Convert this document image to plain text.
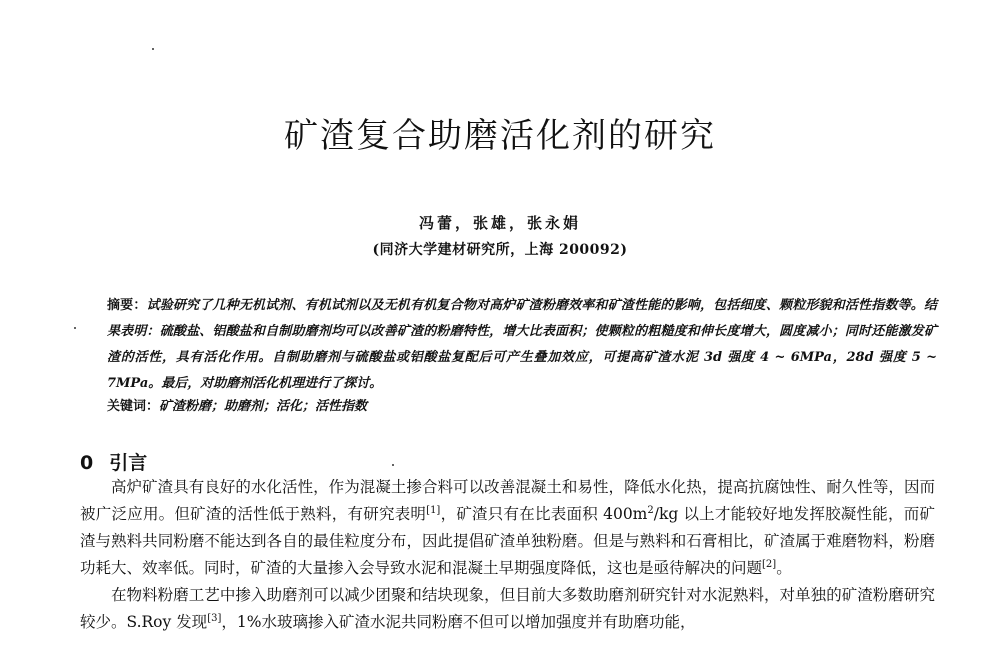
矿渣复合助磨活化剂的研究
冯蕾，张雄，张永娟
(同济大学建材研究所，上海 200092)

摘要：试验研究了几种无机试剂、有机试剂以及无机有机复合物对高炉矿渣粉磨效率和矿渣性能的影响，包括细度、颗粒形貌和活性指数等。结果表明：硫酸盐、铝酸盐和自制助磨剂均可以改善矿渣的粉磨特性，增大比表面积；使颗粒的粗糙度和伸长度增大，圆度减小；同时还能激发矿渣的活性，具有活化作用。自制助磨剂与硫酸盐或铝酸盐复配后可产生叠加效应，可提高矿渣水泥 3d 强度 4 ~ 6MPa，28d 强度 5 ~ 7MPa。最后，对助磨剂活化机理进行了探讨。

关键词：矿渣粉磨；助磨剂；活化；活性指数

0 引言

高炉矿渣具有良好的水化活性，作为混凝土掺合料可以改善混凝土和易性，降低水化热，提高抗腐蚀性、耐久性等，因而被广泛应用。但矿渣的活性低于熟料，有研究表明[1]，矿渣只有在比表面积 $400m^2/kg$ 以上才能较好地发挥胶凝性能，而矿渣与熟料共同粉磨不能达到各自的最佳粒度分布，因此提倡矿渣单独粉磨。但是与熟料和石膏相比，矿渣属于难磨物料，粉磨功耗大、效率低。同时，矿渣的大量掺入会导致水泥和混凝土早期强度降低，这也是亟待解决的问题[2]。

在物料粉磨工艺中掺入助磨剂可以减少团聚和结块现象，但目前大多数助磨剂研究针对水泥熟料，对单独的矿渣粉磨研究较少。S.Roy 发现[3]，1%水玻璃掺入矿渣水泥共同粉磨不但可以增加强度并有助磨功能，
